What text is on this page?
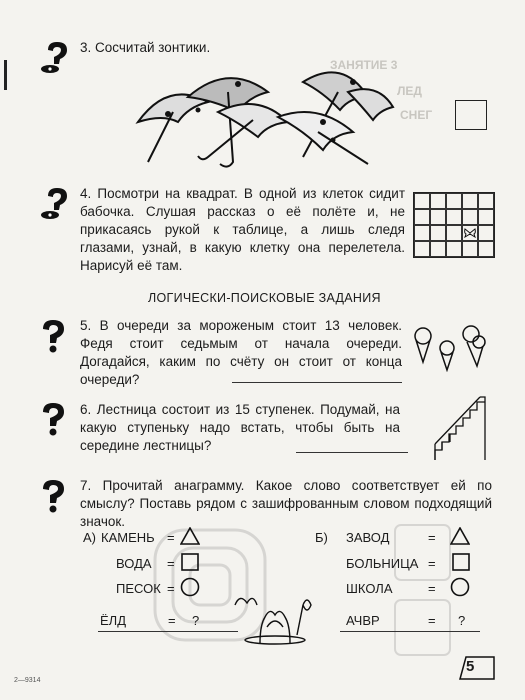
ЗАНЯТИЕ 3
ЛЕД
СНЕГ
3. Сосчитай зонтики.
4. Посмотри на квадрат. В одной из клеток сидит бабочка. Слушая рассказ о её полёте и, не прикасаясь рукой к таблице, а лишь следя глазами, узнай, в какую клетку она перелетела. Нарисуй её там.
ЛОГИЧЕСКИ-ПОИСКОВЫЕ ЗАДАНИЯ
5. В очереди за мороженым стоит 13 человек. Федя стоит седьмым от начала очереди. Догадайся, каким по счёту он стоит от конца очереди?
6. Лестница состоит из 15 ступенек. Подумай, на какую ступеньку надо встать, чтобы быть на середине лестницы?
7. Прочитай анаграмму. Какое слово соответствует ей по смыслу? Поставь рядом с зашифрованным словом подходящий значок.
А) КАМЕНЬ =
ВОДА =
ПЕСОК =
ЁЛД	= ?
Б) ЗАВОД	=
БОЛЬНИЦА =
ШКОЛА	=
АЧВР	= ?
5
2—9314
